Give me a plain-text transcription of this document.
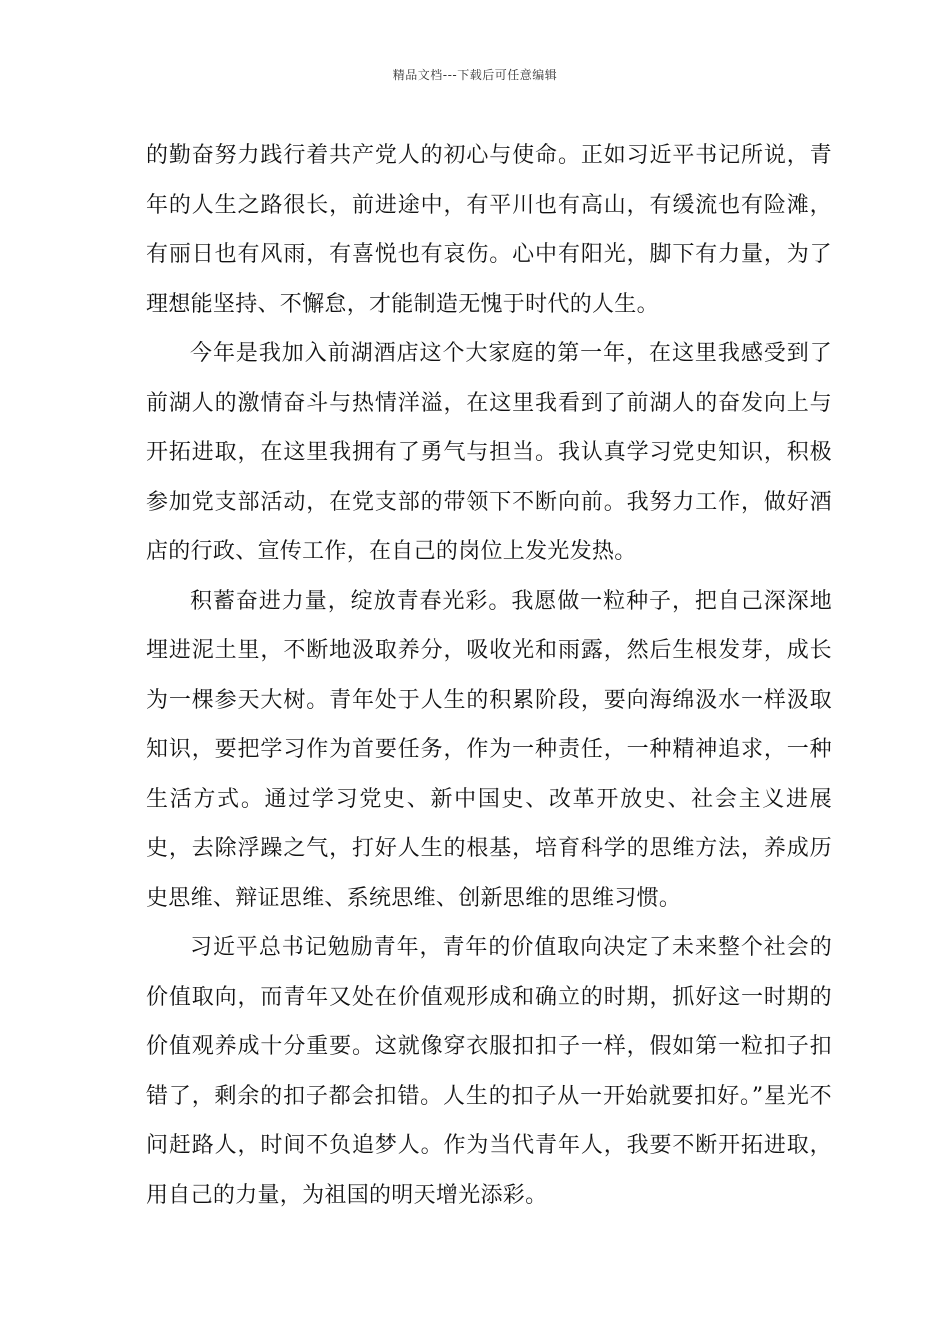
精品文档---下载后可任意编辑

的勤奋努力践行着共产党人的初心与使命。正如习近平书记所说，青年的人生之路很长，前进途中，有平川也有高山，有缓流也有险滩，有丽日也有风雨，有喜悦也有哀伤。心中有阳光，脚下有力量，为了理想能坚持、不懈怠，才能制造无愧于时代的人生。

今年是我加入前湖酒店这个大家庭的第一年，在这里我感受到了前湖人的激情奋斗与热情洋溢，在这里我看到了前湖人的奋发向上与开拓进取，在这里我拥有了勇气与担当。我认真学习党史知识，积极参加党支部活动，在党支部的带领下不断向前。我努力工作，做好酒店的行政、宣传工作，在自己的岗位上发光发热。

积蓄奋进力量，绽放青春光彩。我愿做一粒种子，把自己深深地埋进泥土里，不断地汲取养分，吸收光和雨露，然后生根发芽，成长为一棵参天大树。青年处于人生的积累阶段，要向海绵汲水一样汲取知识，要把学习作为首要任务，作为一种责任，一种精神追求，一种生活方式。通过学习党史、新中国史、改革开放史、社会主义进展史，去除浮躁之气，打好人生的根基，培育科学的思维方法，养成历史思维、辩证思维、系统思维、创新思维的思维习惯。

习近平总书记勉励青年，青年的价值取向决定了未来整个社会的价值取向，而青年又处在价值观形成和确立的时期，抓好这一时期的价值观养成十分重要。这就像穿衣服扣扣子一样，假如第一粒扣子扣错了，剩余的扣子都会扣错。人生的扣子从一开始就要扣好。”星光不问赶路人，时间不负追梦人。作为当代青年人，我要不断开拓进取，用自己的力量，为祖国的明天增光添彩。
